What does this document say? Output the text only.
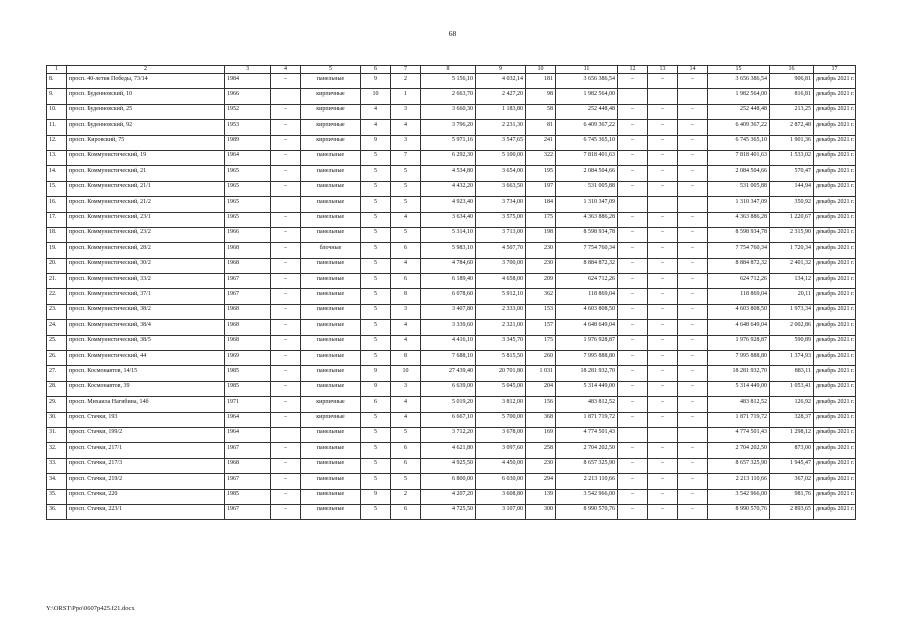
68
1	2	3	4	5	6	7	8	9	10	11	12	13	14	15	16	17
8.	просп. 40-летия Победы, 73/14	1984	–	панельные	9	2	5 156,10	4 032,14	181	3 656 386,54	–	–	–	3 656 386,54	906,81	декабрь 2021 г.
9.	просп. Буденновский, 10	1966		кирпичные	10	1	2 663,70	2 427,20	98	1 982 564,00				1 982 564,00	816,81	декабрь 2021 г.
10.	просп. Буденновский, 25	1952	–	кирпичные	4	3	3 660,30	1 183,80	58	252 448,48	–	–	–	252 448,48	213,25	декабрь 2021 г.
11.	просп. Буденновский, 92	1953	–	кирпичные	4	4	3 796,20	2 231,30	81	6 409 367,22	–	–	–	6 409 367,22	2 872,48	декабрь 2021 г.
12.	просп. Кировский, 75	1989	–	кирпичные	9	3	5 971,16	3 547,65	241	6 745 365,10	–	–	–	6 745 365,10	1 901,36	декабрь 2021 г.
13.	просп. Коммунистический, 19	1964	–	панельные	5	7	6 292,30	5 100,00	322	7 818 401,63	–	–	–	7 818 401,63	1 533,02	декабрь 2021 г.
14.	просп. Коммунистический, 21	1965	–	панельные	5	5	4 534,80	3 654,00	195	2 084 504,66	–	–	–	2 084 504,66	570,47	декабрь 2021 г.
15.	просп. Коммунистический, 21/1	1965	–	панельные	5	5	4 432,20	3 663,50	197	531 005,88	–	–	–	531 005,88	144,94	декабрь 2021 г.
16.	просп. Коммунистический, 21/2	1965		панельные	5	5	4 923,40	3 734,00	184	1 310 347,09				1 310 347,09	350,92	декабрь 2021 г.
17.	просп. Коммунистический, 23/1	1965	–	панельные	5	4	3 634,40	3 575,00	175	4 363 886,28	–	–	–	4 363 886,28	1 220,67	декабрь 2021 г.
18.	просп. Коммунистический, 23/2	1966	–	панельные	5	5	5 314,10	3 713,00	198	8 598 934,78	–	–	–	8 598 934,78	2 315,90	декабрь 2021 г.
19.	просп. Коммунистический, 28/2	1968	–	блочные	5	6	5 983,10	4 507,70	230	7 754 760,34	–	–	–	7 754 760,34	1 720,34	декабрь 2021 г.
20.	просп. Коммунистический, 30/2	1968	–	панельные	5	4	4 784,60	3 700,00	230	8 884 872,32	–	–	–	8 884 872,32	2 401,32	декабрь 2021 г.
21.	просп. Коммунистический, 33/2	1967	–	панельные	5	6	6 189,40	4 658,00	209	624 712,26	–	–	–	624 712,26	134,12	декабрь 2021 г.
22.	просп. Коммунистический, 37/1	1967	–	панельные	5	8	6 078,60	5 912,10	362	118 869,04	–	–	–	118 869,04	20,11	декабрь 2021 г.
23.	просп. Коммунистический, 38/2	1968	–	панельные	5	3	3 407,80	2 333,00	153	4 603 808,50	–	–	–	4 603 808,50	1 973,34	декабрь 2021 г.
24.	просп. Коммунистический, 38/4	1968	–	панельные	5	4	3 339,60	2 321,00	157	4 648 649,04	–	–	–	4 648 649,04	2 002,86	декабрь 2021 г.
25.	просп. Коммунистический, 38/5	1968	–	панельные	5	4	4 416,10	3 345,70	175	1 976 928,87	–	–	–	1 976 928,87	590,89	декабрь 2021 г.
26.	просп. Коммунистический, 44	1969	–	панельные	5	8	7 688,10	5 815,50	260	7 995 888,80	–	–	–	7 995 888,80	1 374,93	декабрь 2021 г.
27.	просп. Космонавтов, 14/15	1985	–	панельные	9	10	27 439,40	20 701,80	1 031	18 281 932,70	–	–	–	18 281 932,70	883,11	декабрь 2021 г.
28.	просп. Космонавтов, 39	1985	–	панельные	9	3	6 639,00	5 045,00	204	5 314 449,00	–	–	–	5 314 449,00	1 053,41	декабрь 2021 г.
29.	просп. Михаила Нагибина, 14б	1971	–	кирпичные	6	4	5 019,20	3 812,00	156	483 812,52	–	–	–	483 812,52	126,92	декабрь 2021 г.
30.	просп. Стачки, 193	1964	–	кирпичные	5	4	6 667,10	5 700,00	368	1 871 719,72	–	–	–	1 871 719,72	328,37	декабрь 2021 г.
31.	просп. Стачки, 199/2	1964		панельные	5	5	3 712,20	3 678,00	169	4 774 501,43				4 774 501,43	1 298,12	декабрь 2021 г.
32.	просп. Стачки, 217/1	1967	–	панельные	5	6	4 621,80	3 097,60	258	2 704 202,50	–	–	–	2 704 202,50	873,00	декабрь 2021 г.
33.	просп. Стачки, 217/3	1968	–	панельные	5	6	4 925,50	4 450,00	230	8 657 325,90	–	–	–	8 657 325,90	1 945,47	декабрь 2021 г.
34.	просп. Стачки, 219/2	1967	–	панельные	5	5	6 800,00	6 030,00	294	2 213 110,66	–	–	–	2 213 110,66	367,02	декабрь 2021 г.
35.	просп. Стачки, 220	1985	–	панельные	9	2	4 207,20	3 608,80	139	3 542 966,00	–	–	–	3 542 966,00	981,76	декабрь 2021 г.
36.	просп. Стачки, 223/1	1967	–	панельные	5	6	4 725,50	3 107,00	300	8 990 570,76	–	–	–	8 990 570,76	2 893,65	декабрь 2021 г.
Y:\ORST\Ppo\0607p425.f21.docx
